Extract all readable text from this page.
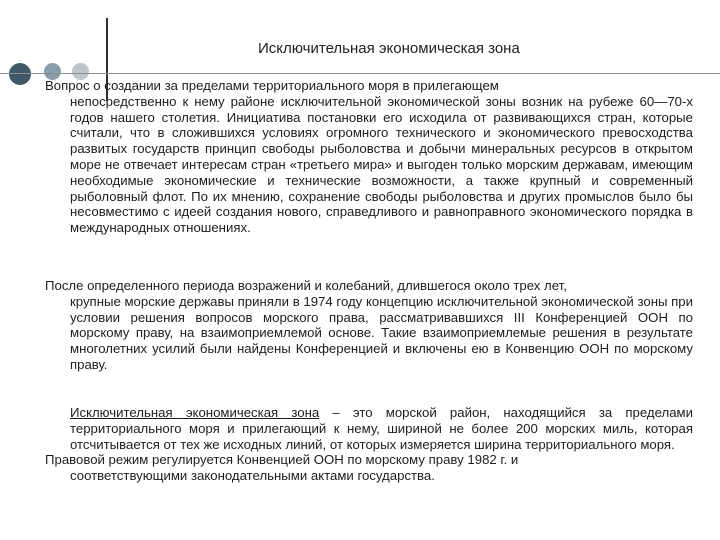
Исключительная экономическая зона

Вопрос о создании за пределами территориального моря в прилегающем
непосредственно к нему районе исключительной экономической зоны возник на рубеже 60—70-х годов нашего столетия. Инициатива постановки его исходила от развивающихся стран, которые считали, что в сложившихся условиях огромного технического и экономического превосходства развитых государств принцип свободы рыболовства и добычи минеральных ресурсов в открытом море не отвечает интересам стран «третьего мира» и выгоден только морским державам, имеющим необходимые экономические и технические возможности, а также крупный и современный рыболовный флот. По их мнению, сохранение свободы рыболовства и других промыслов было бы несовместимо с идеей создания нового, справедливого и равноправного экономического порядка в международных отношениях.

После определенного периода возражений и колебаний, длившегося около трех лет,
крупные морские державы приняли в 1974 году концепцию исключительной экономической зоны при условии решения вопросов морского права, рассматривавшихся III Конференцией ООН по морскому праву, на взаимоприемлемой основе. Такие взаимоприемлемые решения в результате многолетних усилий были найдены Конференцией и включены ею в Конвенцию ООН по морскому праву.

Исключительная экономическая зона – это морской район, находящийся за пределами территориального моря и прилегающий к нему, шириной не более 200 морских миль, которая отсчитывается от тех же исходных линий, от которых измеряется ширина территориального моря.
Правовой режим регулируется Конвенцией ООН по морскому праву 1982 г. и
соответствующими законодательными актами государства.
